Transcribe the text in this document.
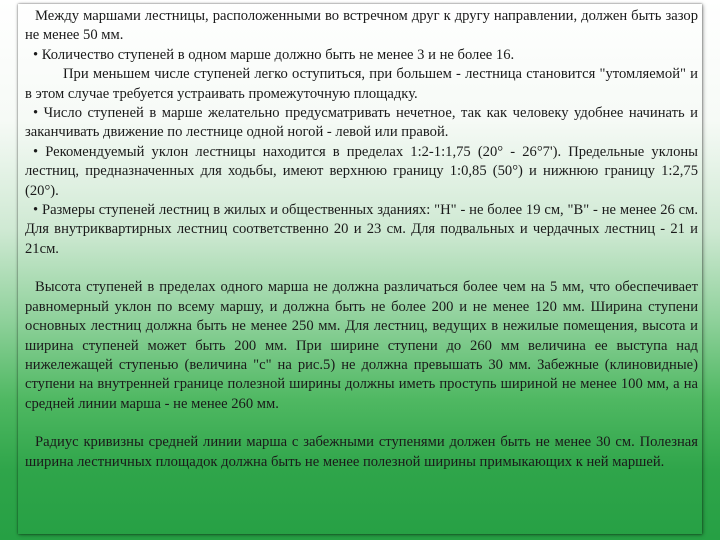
Между маршами лестницы, расположенными во встречном друг к другу направлении, должен быть зазор не менее 50 мм.

• Количество ступеней в одном марше должно быть не менее 3 и не более 16.

При меньшем числе ступеней легко оступиться, при большем - лестница становится "утомляемой" и в этом случае требуется устраивать промежуточную площадку.

• Число ступеней в марше желательно предусматривать нечетное, так как человеку удобнее начинать и заканчивать движение по лестнице одной ногой - левой или правой.

• Рекомендуемый уклон лестницы находится в пределах 1:2-1:1,75 (20° - 26°7'). Предельные уклоны лестниц, предназначенных для ходьбы, имеют верхнюю границу 1:0,85 (50°) и нижнюю границу 1:2,75 (20°).

• Размеры ступеней лестниц в жилых и общественных зданиях: "H" - не более 19 см, "B" - не менее 26 см. Для внутриквартирных лестниц соответственно 20 и 23 см. Для подвальных и чердачных лестниц - 21 и 21см.

Высота ступеней в пределах одного марша не должна различаться более чем на 5 мм, что обеспечивает равномерный уклон по всему маршу, и должна быть не более 200 и не менее 120 мм. Ширина ступени основных лестниц должна быть не менее 250 мм. Для лестниц, ведущих в нежилые помещения, высота и ширина ступеней может быть 200 мм. При ширине ступени до 260 мм величина ее выступа над нижележащей ступенью (величина "с" на рис.5) не должна превышать 30 мм. Забежные (клиновидные) ступени на внутренней границе полезной ширины должны иметь проступь шириной не менее 100 мм, а на средней линии марша - не менее 260 мм.

Радиус кривизны средней линии марша с забежными ступенями должен быть не менее 30 см. Полезная ширина лестничных площадок должна быть не менее полезной ширины примыкающих к ней маршей.
